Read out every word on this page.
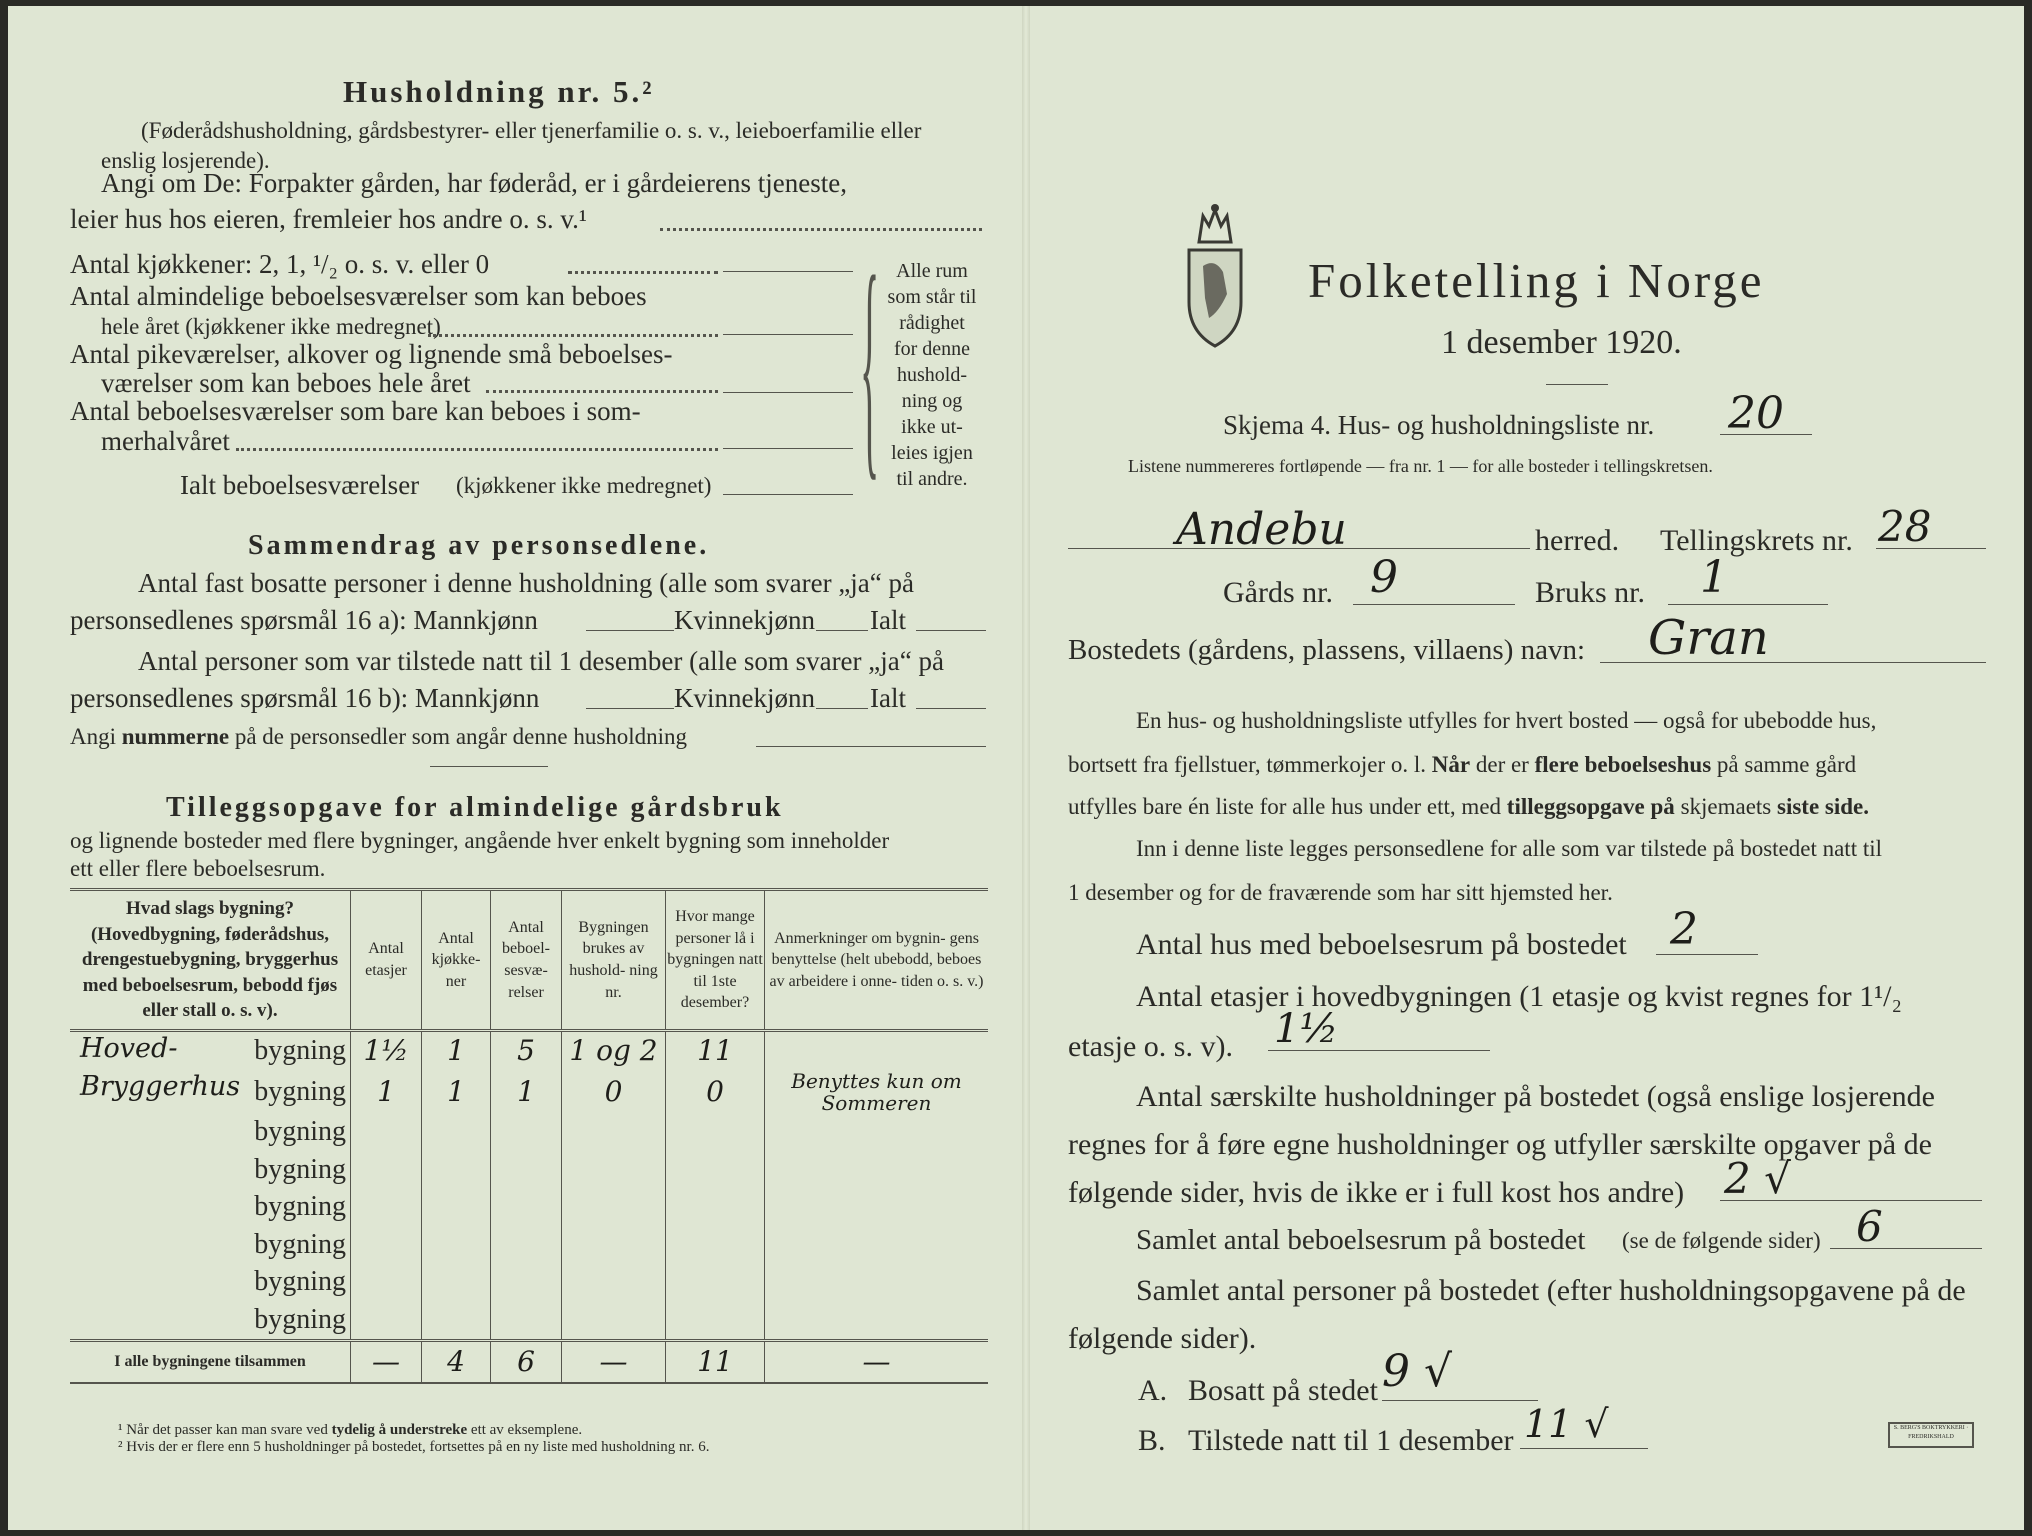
Husholdning nr. 5.²
(Føderådshusholdning, gårdsbestyrer- eller tjenerfamilie o. s. v., leieboerfamilie eller enslig losjerende).
Angi om De: Forpakter gården, har føderåd, er i gårdeierens tjeneste,
leier hus hos eieren, fremleier hos andre o. s. v.¹
Antal kjøkkener: 2, 1, ¹/₂ o. s. v. eller 0
Antal almindelige beboelsesværelser som kan beboes
hele året (kjøkkener ikke medregnet)
Antal pikeværelser, alkover og lignende små beboelses-
værelser som kan beboes hele året
Antal beboelsesværelser som bare kan beboes i som-
merhalvåret
Ialt beboelsesværelser (kjøkkener ikke medregnet)	{ Alle rum
som står til
rådighet
for denne
hushold-
ning og
ikke ut-
leies igjen
til andre.
Sammendrag av personsedlene.
Antal fast bosatte personer i denne husholdning (alle som svarer „ja“ på
personsedlenes spørsmål 16 a): Mannkjønn	Kvinnekjønn Ialt
Antal personer som var tilstede natt til 1 desember (alle som svarer „ja“ på
personsedlenes spørsmål 16 b): Mannkjønn	Kvinnekjønn Ialt
Angi nummerne på de personsedler som angår denne husholdning
Tilleggsopgave for almindelige gårdsbruk
og lignende bosteder med flere bygninger, angående hver enkelt bygning som inneholder
ett eller flere beboelsesrum.
Hvad slags bygning? (Hovedbygning, føderådshus, drengestuebygning, bryggerhus med beboelsesrum, bebodd fjøs eller stall o. s. v).	Antal etasjer	Antal kjøkke- ner	Antal beboel- sesvæ- relser	Bygningen brukes av hushold- ning nr.	Hvor mange personer lå i bygningen natt til 1ste desember?	Anmerkninger om bygnin- gens benyttelse (helt ubebodd, beboes av arbeidere i onne- tiden o. s. v.)

Hoved- bygning	1½	1	5	1 og 2	11	

Bryggerhus bygning	1	1	1	0	0	Benyttes kun om Sommeren

bygning						

bygning						

bygning						

bygning						

bygning						

bygning						
I alle bygningene tilsammen	—	4	6	—	11	—
¹ Når det passer kan man svare ved tydelig å understreke ett av eksemplene.
² Hvis der er flere enn 5 husholdninger på bostedet, fortsettes på en ny liste med husholdning nr. 6.
Folketelling i Norge
1 desember 1920.
Skjema 4. Hus- og husholdningsliste nr. 20
Listene nummereres fortløpende — fra nr. 1 — for alle bosteder i tellingskretsen.
Andebu	herred. Tellingskrets nr. 28
Gårds nr. 9	Bruks nr. 1
Bostedets (gårdens, plassens, villaens) navn: Gran
En hus- og husholdningsliste utfylles for hvert bosted — også for ubebodde hus,
bortsett fra fjellstuer, tømmerkojer o. l. Når der er flere beboelseshus på samme gård
utfylles bare én liste for alle hus under ett, med tilleggsopgave på skjemaets siste side.
Inn i denne liste legges personsedlene for alle som var tilstede på bostedet natt til
1 desember og for de fraværende som har sitt hjemsted her.
Antal hus med beboelsesrum på bostedet 2
Antal etasjer i hovedbygningen (1 etasje og kvist regnes for 1¹/₂
etasje o. s. v). 1½
Antal særskilte husholdninger på bostedet (også enslige losjerende
regnes for å føre egne husholdninger og utfyller særskilte opgaver på de
følgende sider, hvis de ikke er i full kost hos andre) 2 √
Samlet antal beboelsesrum på bostedet (se de følgende sider) 6
Samlet antal personer på bostedet (efter husholdningsopgavene på de
følgende sider).
A. Bosatt på stedet 9 √
B. Tilstede natt til 1 desember 11 √	S. BERG'S BOKTRYKKERI · FREDRIKSHALD
